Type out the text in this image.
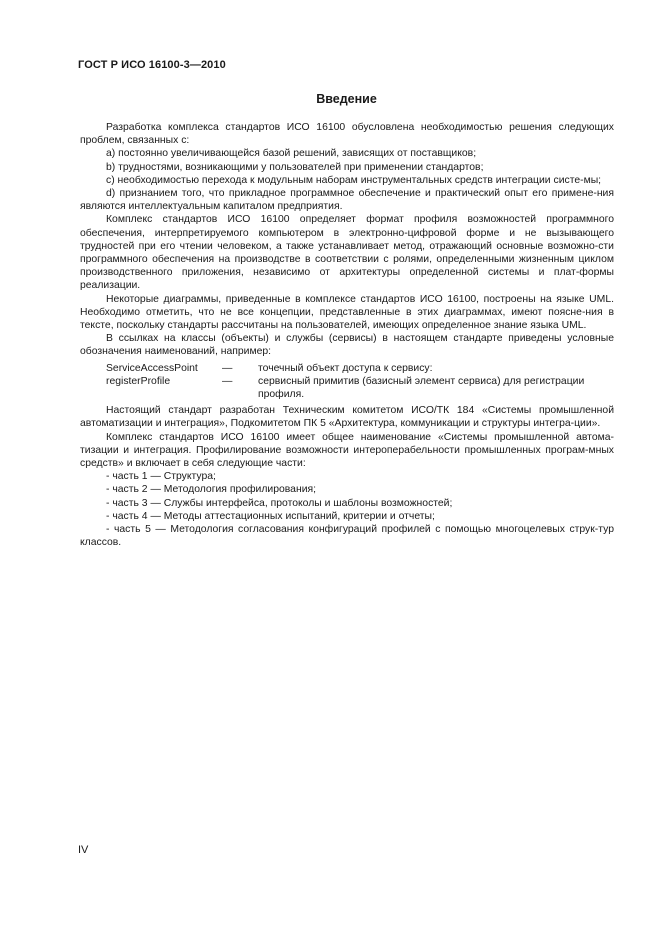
ГОСТ Р ИСО 16100-3—2010
Введение

Разработка комплекса стандартов ИСО 16100 обусловлена необходимостью решения следующих проблем, связанных с:

a) постоянно увеличивающейся базой решений, зависящих от поставщиков;

b) трудностями, возникающими у пользователей при применении стандартов;

c) необходимостью перехода к модульным наборам инструментальных средств интеграции систе-мы;

d) признанием того, что прикладное программное обеспечение и практический опыт его примене-ния являются интеллектуальным капиталом предприятия.

Комплекс стандартов ИСО 16100 определяет формат профиля возможностей программного обеспечения, интерпретируемого компьютером в электронно-цифровой форме и не вызывающего трудностей при его чтении человеком, а также устанавливает метод, отражающий основные возможно-сти программного обеспечения на производстве в соответствии с ролями, определенными жизненным циклом производственного приложения, независимо от архитектуры определенной системы и плат-формы реализации.

Некоторые диаграммы, приведенные в комплексе стандартов ИСО 16100, построены на языке UML. Необходимо отметить, что не все концепции, представленные в этих диаграммах, имеют поясне-ния в тексте, поскольку стандарты рассчитаны на пользователей, имеющих определенное знание языка UML.

В ссылках на классы (объекты) и службы (сервисы) в настоящем стандарте приведены условные обозначения наименований, например:

ServiceAccessPoint	—	точечный объект доступа к сервису:
registerProfile	—	сервисный примитив (базисный элемент сервиса) для регистрации
профиля.

Настоящий стандарт разработан Техническим комитетом ИСО/ТК 184 «Системы промышленной автоматизации и интеграция», Подкомитетом ПК 5 «Архитектура, коммуникации и структуры интегра-ции».

Комплекс стандартов ИСО 16100 имеет общее наименование «Системы промышленной автома-тизации и интеграция. Профилирование возможности интероперабельности промышленных програм-мных средств» и включает в себя следующие части:

- часть 1 — Структура;

- часть 2 — Методология профилирования;

- часть 3 — Службы интерфейса, протоколы и шаблоны возможностей;

- часть 4 — Методы аттестационных испытаний, критерии и отчеты;

- часть 5 — Методология согласования конфигураций профилей с помощью многоцелевых струк-тур классов.

IV
